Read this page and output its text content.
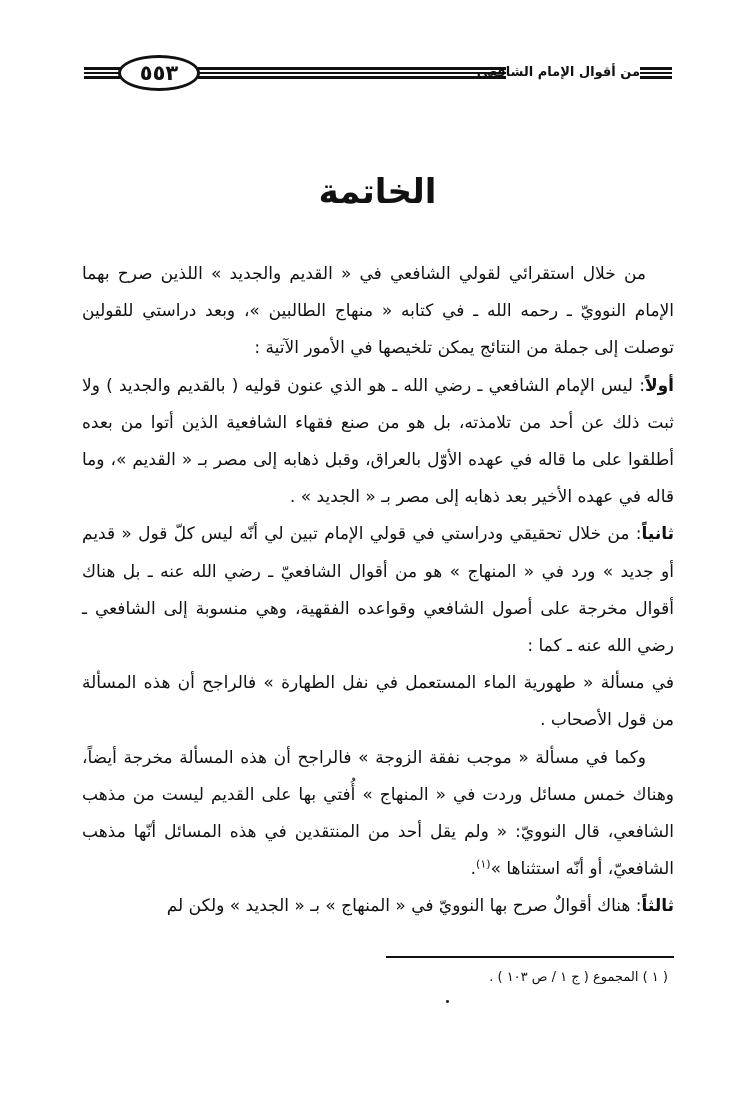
٥٥٣	من أقوال الإمام الشافعي
الخاتمة

من خلال استقرائي لقولي الشافعي في « القديم والجديد » اللذين صرح بهما الإمام النوويّ ـ رحمه الله ـ في كتابه « منهاج الطالبين »، وبعد دراستي للقولين توصلت إلى جملة من النتائج يمكن تلخيصها في الأمور الآتية :

أولاً: ليس الإمام الشافعي ـ رضي الله ـ هو الذي عنون قوليه ( بالقديم والجديد ) ولا ثبت ذلك عن أحد من تلامذته، بل هو من صنع فقهاء الشافعية الذين أتوا من بعده أطلقوا على ما قاله في عهده الأوّل بالعراق، وقبل ذهابه إلى مصر بـ « القديم »، وما قاله في عهده الأخير بعد ذهابه إلى مصر بـ « الجديد » .

ثانياً: من خلال تحقيقي ودراستي في قولي الإمام تبين لي أنّه ليس كلّ قول « قديم أو جديد » ورد في « المنهاج » هو من أقوال الشافعيّ ـ رضي الله عنه ـ بل هناك أقوال مخرجة على أصول الشافعي وقواعده الفقهية، وهي منسوبة إلى الشافعي ـ رضي الله عنه ـ كما :

في مسألة « طهورية الماء المستعمل في نفل الطهارة » فالراجح أن هذه المسألة من قول الأصحاب .

وكما في مسألة « موجب نفقة الزوجة » فالراجح أن هذه المسألة مخرجة أيضاً، وهناك خمس مسائل وردت في « المنهاج » أُفتي بها على القديم ليست من مذهب الشافعي، قال النوويّ: « ولم يقل أحد من المنتقدين في هذه المسائل أنّها مذهب الشافعيّ، أو أنّه استثناها »$^{(١)}$.

ثالثاً: هناك أقوالٌ صرح بها النوويّ في « المنهاج » بـ « الجديد » ولكن لم

( ١ ) المجموع ( ج ١ / ص ١٠٣ ) .
